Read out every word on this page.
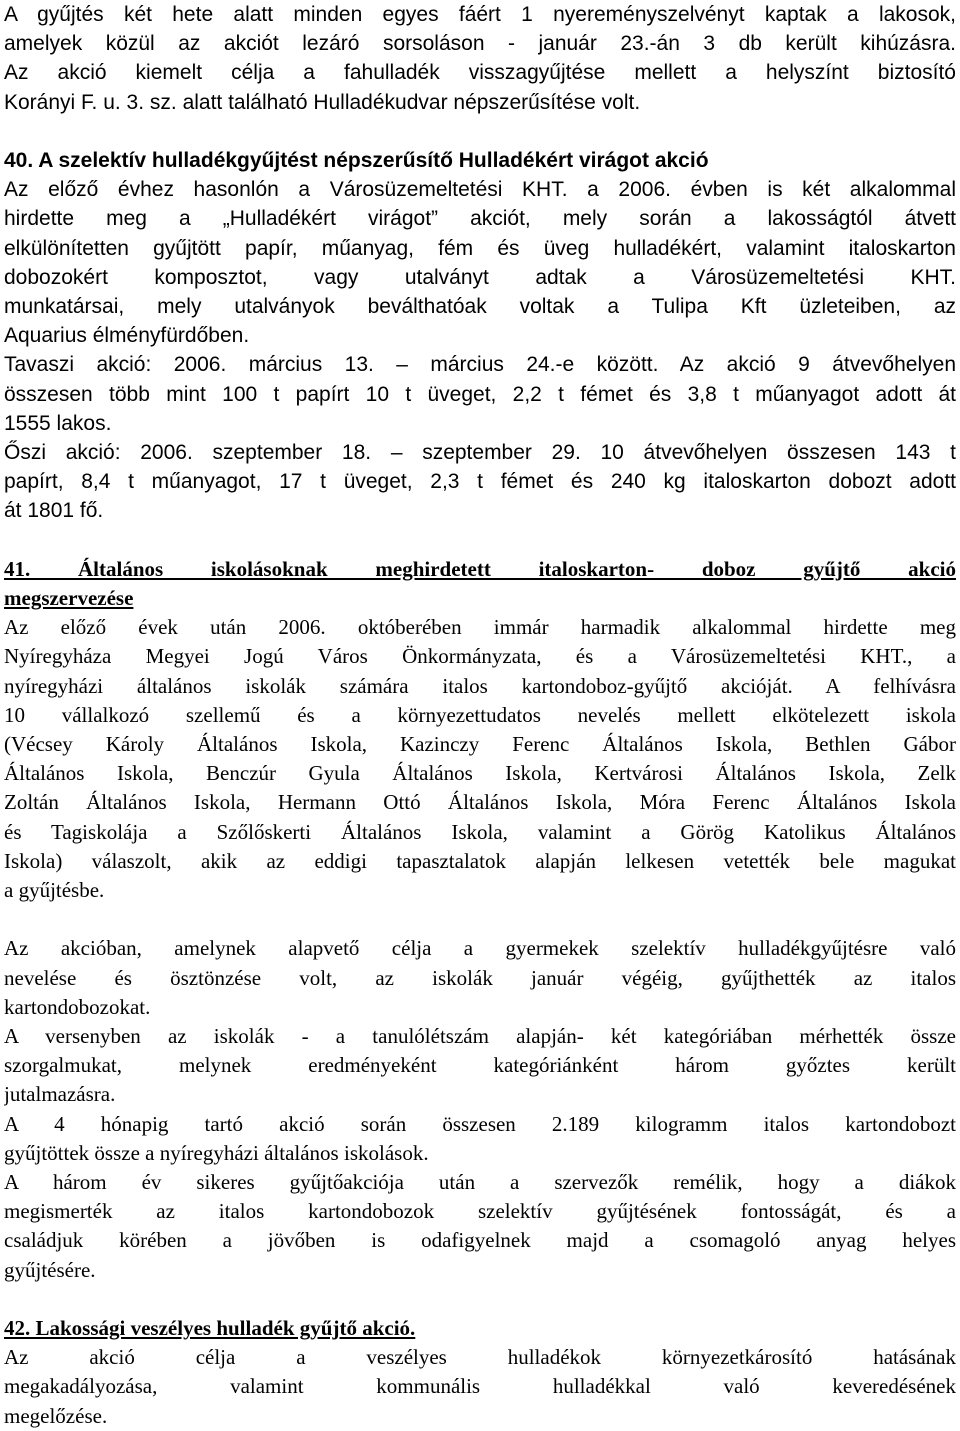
A gyűjtés két hete alatt minden egyes fáért 1 nyereményszelvényt kaptak a lakosok,
amelyek közül az akciót lezáró sorsoláson - január 23.-án 3 db került kihúzásra.
Az akció kiemelt célja a fahulladék visszagyűjtése mellett a helyszínt biztosító
Korányi F. u. 3. sz. alatt található Hulladékudvar népszerűsítése volt.
40. A szelektív hulladékgyűjtést népszerűsítő Hulladékért virágot akció
Az előző évhez hasonlón a Városüzemeltetési KHT. a 2006. évben is két alkalommal
hirdette meg a „Hulladékért virágot” akciót, mely során a lakosságtól átvett
elkülönítetten gyűjtött papír, műanyag, fém és üveg hulladékért, valamint italoskarton
dobozokért komposztot, vagy utalványt adtak a Városüzemeltetési KHT.
munkatársai, mely utalványok beválthatóak voltak a Tulipa Kft üzleteiben, az
Aquarius élményfürdőben.
Tavaszi akció: 2006. március 13. – március 24.-e között. Az akció 9 átvevőhelyen
összesen több mint 100 t papírt 10 t üveget, 2,2 t fémet és 3,8 t műanyagot adott át
1555 lakos.
Őszi akció: 2006. szeptember 18. – szeptember 29. 10 átvevőhelyen összesen 143 t
papírt, 8,4 t műanyagot, 17 t üveget, 2,3 t fémet és 240 kg italoskarton dobozt adott
át 1801 fő.
41. Általános iskolásoknak meghirdetett italoskarton- doboz gyűjtő akció
megszervezése
Az előző évek után 2006. októberében immár harmadik alkalommal hirdette meg
Nyíregyháza Megyei Jogú Város Önkormányzata, és a Városüzemeltetési KHT., a
nyíregyházi általános iskolák számára italos kartondoboz-gyűjtő akcióját. A felhívásra
10 vállalkozó szellemű és a környezettudatos nevelés mellett elkötelezett iskola
(Vécsey Károly Általános Iskola, Kazinczy Ferenc Általános Iskola, Bethlen Gábor
Általános Iskola, Benczúr Gyula Általános Iskola, Kertvárosi Általános Iskola, Zelk
Zoltán Általános Iskola, Hermann Ottó Általános Iskola, Móra Ferenc Általános Iskola
és Tagiskolája a Szőlőskerti Általános Iskola, valamint a Görög Katolikus Általános
Iskola) válaszolt, akik az eddigi tapasztalatok alapján lelkesen vetették bele magukat
a gyűjtésbe.
Az akcióban, amelynek alapvető célja a gyermekek szelektív hulladékgyűjtésre való
nevelése és ösztönzése volt, az iskolák január végéig, gyűjthették az italos
kartondobozokat.
A versenyben az iskolák - a tanulólétszám alapján- két kategóriában mérhették össze
szorgalmukat, melynek eredményeként kategóriánként három győztes került
jutalmazásra.
A 4 hónapig tartó akció során összesen 2.189 kilogramm italos kartondobozt
gyűjtöttek össze a nyíregyházi általános iskolások.
A három év sikeres gyűjtőakciója után a szervezők remélik, hogy a diákok
megismerték az italos kartondobozok szelektív gyűjtésének fontosságát, és a
családjuk körében a jövőben is odafigyelnek majd a csomagoló anyag helyes
gyűjtésére.
42. Lakossági veszélyes hulladék gyűjtő akció.
Az akció célja a veszélyes hulladékok környezetkárosító hatásának
megakadályozása, valamint kommunális hulladékkal való keveredésének
megelőzése.
